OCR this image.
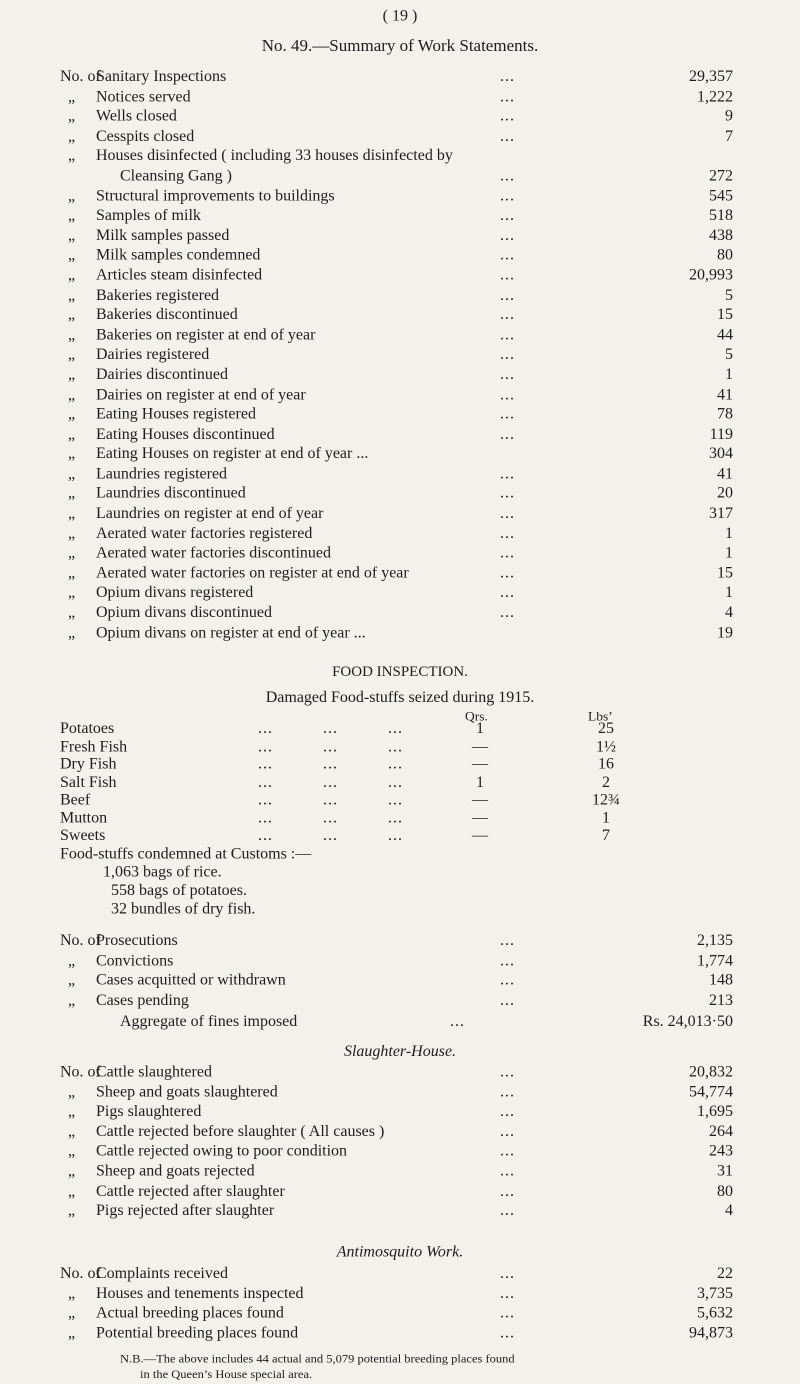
( 19 )
No. 49.—Summary of Work Statements.
No. of
Sanitary Inspections	...	29,357
„ Notices served	...	1,222
„ Wells closed	...	9
„ Cesspits closed	...	7
„ Houses disinfected ( including 33 houses disinfected by
Cleansing Gang )	...	272
„ Structural improvements to buildings	...	545
„ Samples of milk	...	518
„ Milk samples passed	...	438
„ Milk samples condemned	...	80
„ Articles steam disinfected	...	20,993
„ Bakeries registered	...	5
„ Bakeries discontinued	...	15
„ Bakeries on register at end of year	...	44
„ Dairies registered	...	5
„ Dairies discontinued	...	1
„ Dairies on register at end of year	...	41
„ Eating Houses registered	...	78
„ Eating Houses discontinued	...	119
„ Eating Houses on register at end of year ...	304
„ Laundries registered	...	41
„ Laundries discontinued	...	20
„ Laundries on register at end of year	...	317
„ Aerated water factories registered	...	1
„ Aerated water factories discontinued	...	1
„ Aerated water factories on register at end of year	...	15
„ Opium divans registered	...	1
„ Opium divans discontinued	...	4
„ Opium divans on register at end of year ...	19
FOOD INSPECTION.
Damaged Food-stuffs seized during 1915.
Qrs.	Lbs’
Potatoes	...          ...          ...	1	25
Fresh Fish	...          ...          ...	—	1½
Dry Fish	...          ...          ...	—	16
Salt Fish	...          ...          ...	1	2
Beef	...          ...          ...	—	12¾
Mutton	...          ...          ...	—	1
Sweets	...          ...          ...	—	7
Food-stuffs condemned at Customs :—
1,063 bags of rice.
558 bags of potatoes.
32 bundles of dry fish.
No. of
Prosecutions	...	2,135
„ Convictions	...	1,774
„ Cases acquitted or withdrawn	...	148
„ Cases pending	...	213
Aggregate of fines imposed	...	Rs. 24,013·50
Slaughter-House.
No. of
Cattle slaughtered	...	20,832
„ Sheep and goats slaughtered	...	54,774
„ Pigs slaughtered	...	1,695
„ Cattle rejected before slaughter ( All causes )	...	264
„ Cattle rejected owing to poor condition	...	243
„ Sheep and goats rejected	...	31
„ Cattle rejected after slaughter	...	80
„ Pigs rejected after slaughter	...	4
Antimosquito Work.
No. of
Complaints received	...	22
„ Houses and tenements inspected	...	3,735
„ Actual breeding places found	...	5,632
„ Potential breeding places found	...	94,873
N.B.—The above includes 44 actual and 5,079 potential breeding places found
in the Queen’s House special area.
